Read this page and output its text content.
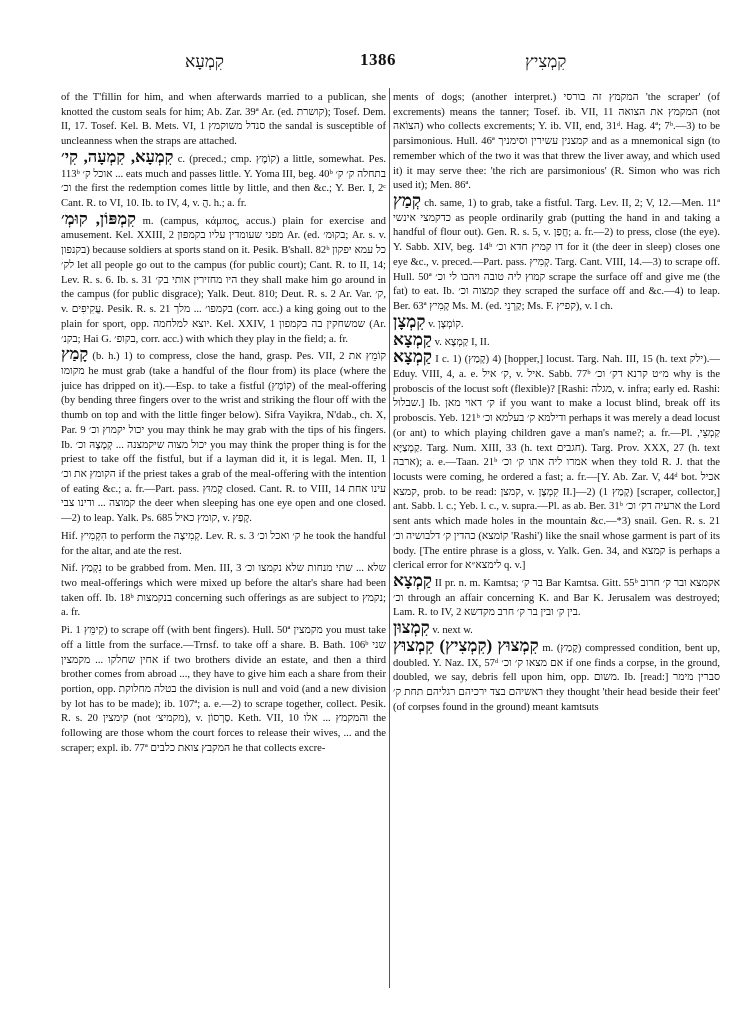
קִמְעָא	1386	קִמְצִיץ

of the T'fillin for him, and when afterwards married to a publican, she knotted the custom seals for him; Ab. Zar. 39ª Ar. (ed. קושרת); Tosef. Dem. II, 17. Tosef. Kel. B. Mets. VI, 1 סנדל משוקמץ the sandal is susceptible of uncleanness when the straps are attached.

קִמְעָא, קִמְעָה, קִי׳ c. (preced.; cmp. קוֹמֶץ) a little, somewhat. Pes. 113ᵇ אוכל ק׳ ... eats much and passes little. Y. Yoma III, beg. 40ᵇ בתחלה ק׳ ק׳ וכ׳ the first the redemption comes little by little, and then &c.; Y. Ber. I, 2ᶜ Cant. R. to VI, 10. Ib. to IV, 4, v. הֲ. h.; a. fr.

קִמְפּוֹן, קוּמְ׳ m. (campus, κάμπος, accus.) plain for exercise and amusement. Kel. XXIII, 2 מפני שעומדין עליו בקמפון Ar. (ed. בקוּמ׳; Ar. s. v. בקנפון) because soldiers at sports stand on it. Pesik. B'shall. 82ᵇ כל עמא יפקון לק׳ let all people go out to the campus (for public court); Cant. R. to II, 14; Lev. R. s. 6. Ib. s. 31 היו מחזירין אותי בק׳ they shall make him go around in the campus (for public disgrace); Yalk. Deut. 810; Deut. R. s. 2 Ar. Var. ק׳, v. עֲקִיפִים. Pesik. R. s. 21 בקמפו׳ ... מלך (corr. acc.) a king going out to the plain for sport, opp. יוצא למלחמה. Kel. XXIV, 1 שמשחקין בה בקמפון (Ar. בקנ׳; Hai G. בקופ׳, corr. acc.) with which they play in the field; a. fr.

קָמַץ (b. h.) 1) to compress, close the hand, grasp. Pes. VII, 2 קוֹמֵץ את מקומו he must grab (take a handful of the flour from) its place (where the juice has dripped on it).—Esp. to take a fistful (קוֹמֶץ) of the meal-offering (by bending three fingers over to the wrist and striking the flour off with the thumb on top and with the little finger below). Sifra Vayikra, N'dab., ch. X, Par. 9 יכול יקמוץ וכ׳ you may think he may grab with the tips of his fingers. Ib. יכול מצוה שיקמצנה ... קְמָצָהּ וכ׳ you may think the proper thing is for the priest to take off the fistful, but if a layman did it, it is legal. Men. II, 1 הקומץ את וכ׳ if the priest takes a grab of the meal-offering with the intention of eating &c.; a. fr.—Part. pass. קָמוּץ closed. Cant. R. to VIII, 14 עינו אחת קמוצה ... ודינו צבי the deer when sleeping has one eye open and one closed.—2) to leap. Yalk. Ps. 685 קומץ כאיל, v. קָפַץ.

Hif. הִקְמִיץ to perform the קְמִיצָה. Lev. R. s. 3 ק׳ ואכל וכ׳ he took the handful for the altar, and ate the rest.

Nif. נִקְמַץ to be grabbed from. Men. III, 3 שלא ... שתי מנחות שלא נקמצו וכ׳ two meal-offerings which were mixed up before the altar's share had been taken off. Ib. 18ᵇ בנקמצות concerning such offerings as are subject to נקמץ; a. fr.

Pi. קִימֵּץ 1) to scrape off (with bent fingers). Hull. 50ª מקמצין you must take off a little from the surface.—Trnsf. to take off a share. B. Bath. 106ᵇ שני אחין שחלקו ... מקמצין if two brothers divide an estate, and then a third brother comes from abroad ..., they have to give him each a share from their portion, opp. בטלה מחלוקת the division is null and void (and a new division by lot has to be made); ib. 107ª; a. e.—2) to scrape together, collect. Pesik. R. s. 20 קימצין (not מקמיצ׳), v. סַרְסוֹן. Keth. VII, 10 והמקמץ ... אלו the following are those whom the court forces to release their wives, ... and the scraper; expl. ib. 77ª המקבץ צואת כלבים he that collects excre-

ments of dogs; (another interpret.) המקמץ זה בורסי 'the scraper' (of excrements) means the tanner; Tosef. ib. VII, 11 המקמץ את הצואה (not הצוֹאה) who collects excrements; Y. ib. VII, end, 31ᵈ. Hag. 4ª; 7ᵇ.—3) to be parsimonious. Hull. 46ª קמצנין עשירין וסימניך and as a mnemonical sign (to remember which of the two it was that threw the liver away, and which used it) it may serve thee: 'the rich are parsimonious' (R. Simon who was rich used it); Men. 86ª.

קְמַץ ch. same, 1) to grab, take a fistful. Targ. Lev. II, 2; V, 12.—Men. 11ª כדקמצי אינשי as people ordinarily grab (putting the hand in and taking a handful of flour out). Gen. R. s. 5, v. חֲפַן; a. fr.—2) to press, close (the eye). Y. Sabb. XIV, beg. 14ᵇ דו קמיץ חדא וכ׳ for it (the deer in sleep) closes one eye &c., v. preced.—Part. pass. קְמִיץ. Targ. Cant. VIII, 14.—3) to scrape off. Hull. 50ª קמוץ ליה טובה ויהבו לי וכ׳ scrape the surface off and give me (the fat) to eat. Ib. קמצוה וכ׳ they scraped the surface off and &c.—4) to leap. Ber. 63ª קָמִיץ Ms. M. (ed. קַרְנֵי; Ms. F. קפיץ), v. l ch.

קִמְצָן v. קוֹמְצָן.

קַמְצָא v. קַמְצָא I, II.

קַמְצָא I c. 1) (קָמַץ) 4) [hopper,] locust. Targ. Nah. III, 15 (h. text ילק).—Eduy. VIII, 4, a. e. ק׳ איל, v. איל. Sabb. 77ᵇ מ״ט קרנא דק׳ וכ׳ why is the proboscis of the locust soft (flexible)? [Rashi: מגלה, v. infra; early ed. Rashi: שבלול.] Ib. ק׳ דאוי מאן if you want to make a locust blind, break off its proboscis. Yeb. 121ᵇ ודילמא ק׳ בעלמא וכ׳ perhaps it was merely a dead locust (or ant) to which playing children gave a man's name?; a. fr.—Pl. קַמְצֵי, קַמְצַיָּא. Targ. Num. XIII, 33 (h. text חגבים). Targ. Prov. XXX, 27 (h. text ארבה); a. e.—Taan. 21ᵇ אמרו ליה אתו ק׳ וכ׳ when they told R. J. that the locusts were coming, he ordered a fast; a. fr.—[Y. Ab. Zar. V, 44ᵈ bot. אכיל קמצא, prob. to be read: קמצן, v. קִמְצָן II.]—2) (קָמַץ 1) [scraper, collector,] ant. Sabb. l. c.; Yeb. l. c., v. supra.—Pl. as ab. Ber. 31ᵇ ארעיה דק׳ וכ׳ the Lord sent ants which made holes in the mountain &c.—*3) snail. Gen. R. s. 21 כהדין ק׳ דלבושיה וכ׳ (קוֹמצא 'Rashi') like the snail whose garment is part of its body. [The entire phrase is a gloss, v. Yalk. Gen. 34, and קמצא is perhaps a clerical error for לימצא״א q. v.]

קַמְצָא II pr. n. m. Kamtsa; בר ק׳ Bar Kamtsa. Gitt. 55ᵇ אקמצא ובר ק׳ חרוב וכ׳ through an affair concerning K. and Bar K. Jerusalem was destroyed; Lam. R. to IV, 2 בין ק׳ ובין בר ק׳ חרב מקדשא.

קִמְצוּן v. next w.

קִמְצוּץ (קִמְצִיץ) קִמְצוּץ m. (קָמַץ) compressed condition, bent up, doubled. Y. Naz. IX, 57ᵈ אם מצאו ק׳ וכ׳ if one finds a corpse, in the ground, doubled, we say, debris fell upon him, opp. משום. Ib. [read:] סברין מימר ראשיהם בצד ירכיהם רגליהם תחת ק׳ they thought 'their head beside their feet' (of corpses found in the ground) meant kamtsuts
